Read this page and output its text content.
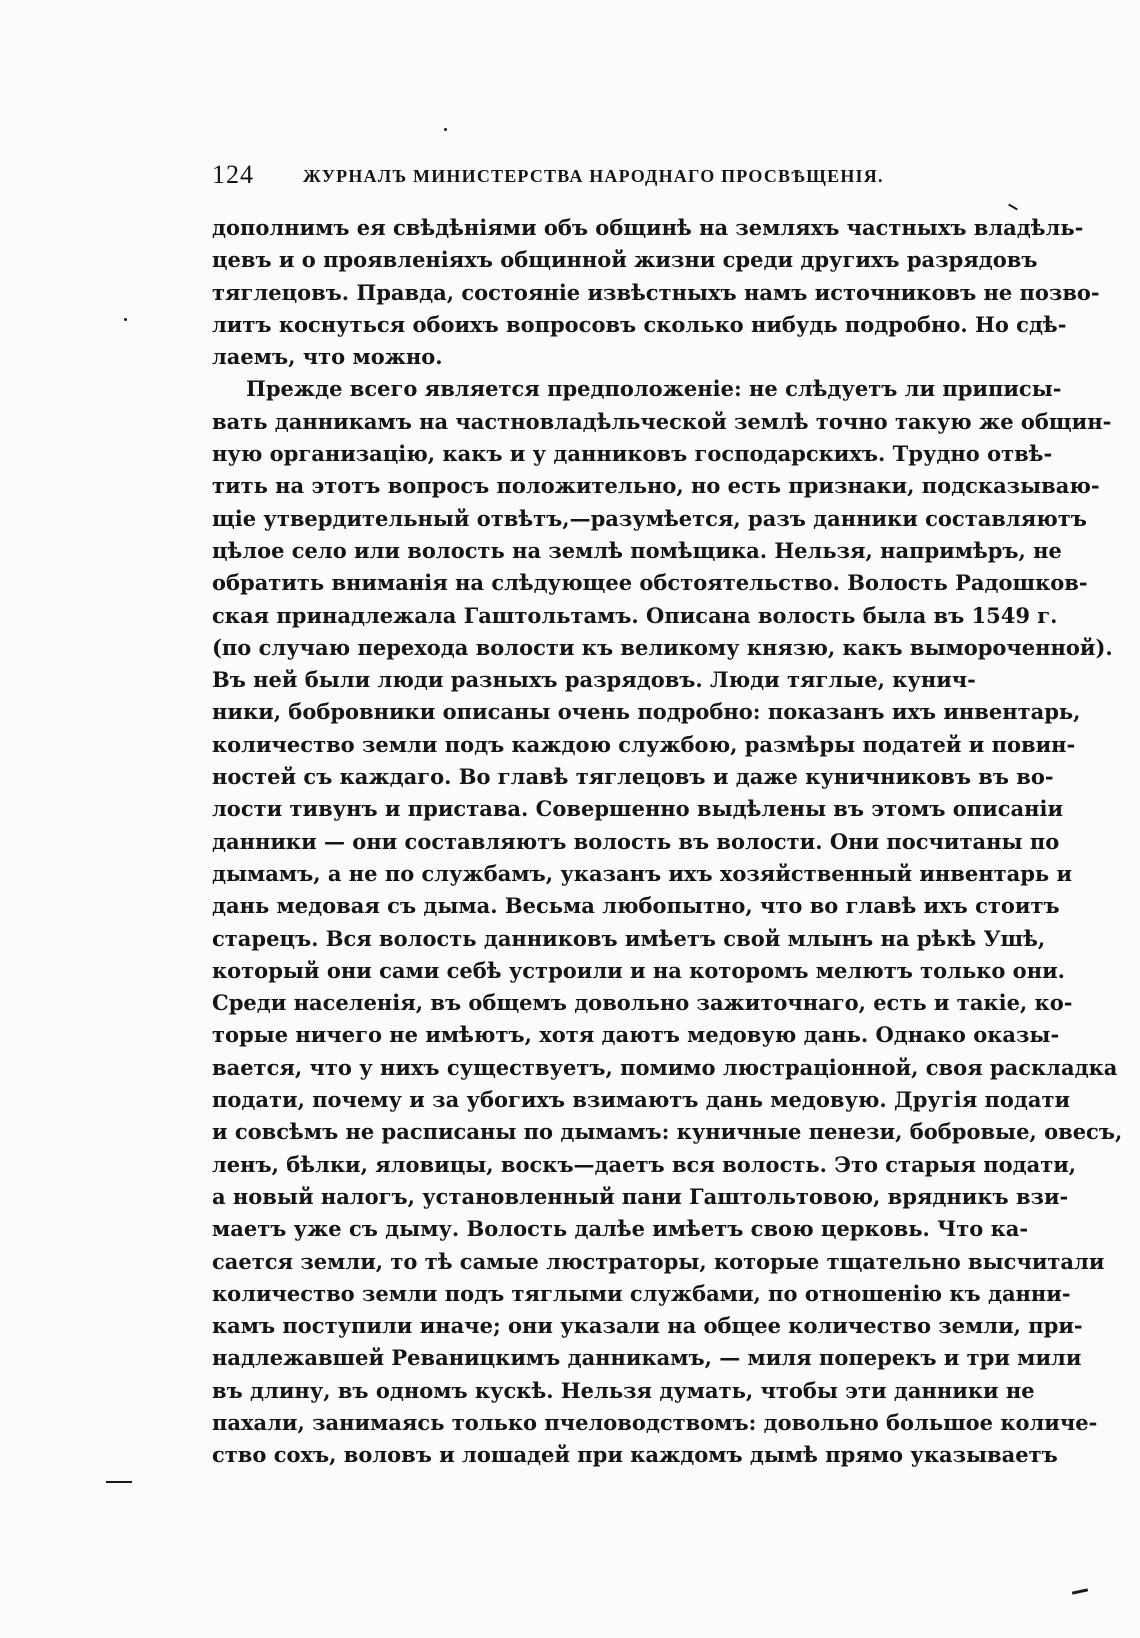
124	ЖУРНАЛЪ МИНИСТЕРСТВА НАРОДНАГО ПРОСВѢЩЕНІЯ.
дополнимъ ея свѣдѣніями объ общинѣ на земляхъ частныхъ владѣль-
цевъ и о проявленіяхъ общинной жизни среди другихъ разрядовъ
тяглецовъ. Правда, состояніе извѣстныхъ намъ источниковъ не позво-
литъ коснуться обоихъ вопросовъ сколько нибудь подробно. Но сдѣ-
лаемъ, что можно.
Прежде всего является предположеніе: не слѣдуетъ ли приписы-
вать данникамъ на частновладѣльческой землѣ точно такую же общин-
ную организацію, какъ и у данниковъ господарскихъ. Трудно отвѣ-
тить на этотъ вопросъ положительно, но есть признаки, подсказываю-
щіе утвердительный отвѣтъ,—разумѣется, разъ данники составляютъ
цѣлое село или волость на землѣ помѣщика. Нельзя, напримѣръ, не
обратить вниманія на слѣдующее обстоятельство. Волость Радошков-
ская принадлежала Гаштольтамъ. Описана волость была въ 1549 г.
(по случаю перехода волости къ великому князю, какъ вымороченной).
Въ ней были люди разныхъ разрядовъ. Люди тяглые, кунич-
ники, бобровники описаны очень подробно: показанъ ихъ инвентарь,
количество земли подъ каждою службою, размѣры податей и повин-
ностей съ каждаго. Во главѣ тяглецовъ и даже куничниковъ въ во-
лости тивунъ и пристава. Совершенно выдѣлены въ этомъ описаніи
данники — они составляютъ волость въ волости. Они посчитаны по
дымамъ, а не по службамъ, указанъ ихъ хозяйственный инвентарь и
дань медовая съ дыма. Весьма любопытно, что во главѣ ихъ стоитъ
старецъ. Вся волость данниковъ имѣетъ свой млынъ на рѣкѣ Ушѣ,
который они сами себѣ устроили и на которомъ мелютъ только они.
Среди населенія, въ общемъ довольно зажиточнаго, есть и такіе, ко-
торые ничего не имѣютъ, хотя даютъ медовую дань. Однако оказы-
вается, что у нихъ существуетъ, помимо люстраціонной, своя раскладка
подати, почему и за убогихъ взимаютъ дань медовую. Другія подати
и совсѣмъ не расписаны по дымамъ: куничные пенези, бобровые, овесъ,
ленъ, бѣлки, яловицы, воскъ—даетъ вся волость. Это старыя подати,
а новый налогъ, установленный пани Гаштольтовою, врядникъ взи-
маетъ уже съ дыму. Волость далѣе имѣетъ свою церковь. Что ка-
сается земли, то тѣ самые люстраторы, которые тщательно высчитали
количество земли подъ тяглыми службами, по отношенію къ данни-
камъ поступили иначе; они указали на общее количество земли, при-
надлежавшей Реваницкимъ данникамъ, — миля поперекъ и три мили
въ длину, въ одномъ кускѣ. Нельзя думать, чтобы эти данники не
пахали, занимаясь только пчеловодствомъ: довольно большое количе-
ство сохъ, воловъ и лошадей при каждомъ дымѣ прямо указываетъ
